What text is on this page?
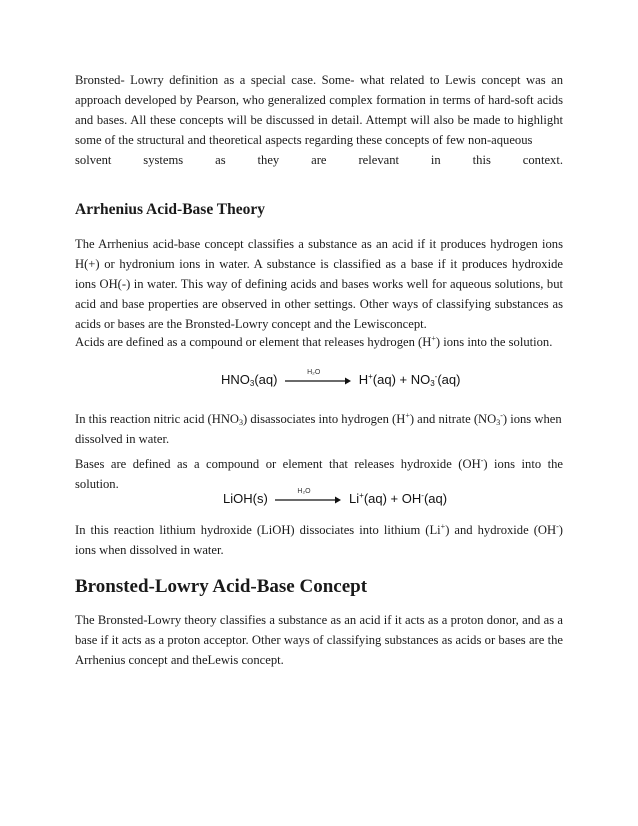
Bronsted- Lowry definition as a special case. Some- what related to Lewis concept was an approach developed by Pearson, who generalized complex formation in terms of hard-soft acids and bases. All these concepts will be discussed in detail. Attempt will also be made to highlight some of the structural and theoretical aspects regarding these concepts of few non-aqueous
solvent systems as they are relevant in this context.

Arrhenius Acid-Base Theory

The Arrhenius acid-base concept classifies a substance as an acid if it produces hydrogen ions H(+) or hydronium ions in water. A substance is classified as a base if it produces hydroxide ions OH(-) in water. This way of defining acids and bases works well for aqueous solutions, but acid and base properties are observed in other settings. Other ways of classifying substances as acids or bases are the Bronsted-Lowry concept and the Lewisconcept.

Acids are defined as a compound or element that releases hydrogen (H+) ions into the solution.

$HNO_3(aq)$	H₂O	$H^+(aq) + NO_3^-(aq)$

In this reaction nitric acid $(HNO_3)$ disassociates into hydrogen (H+) and nitrate $(NO_3^-)$ ions when dissolved in water.

Bases are defined as a compound or element that releases hydroxide (OH-) ions into the solution.

LiOH(s)	H₂O	Li+(aq) + OH-(aq)

In this reaction lithium hydroxide (LiOH) dissociates into lithium (Li+) and hydroxide (OH-) ions when dissolved in water.

Bronsted-Lowry Acid-Base Concept

The Bronsted-Lowry theory classifies a substance as an acid if it acts as a proton donor, and as a base if it acts as a proton acceptor. Other ways of classifying substances as acids or bases are the Arrhenius concept and theLewis concept.
